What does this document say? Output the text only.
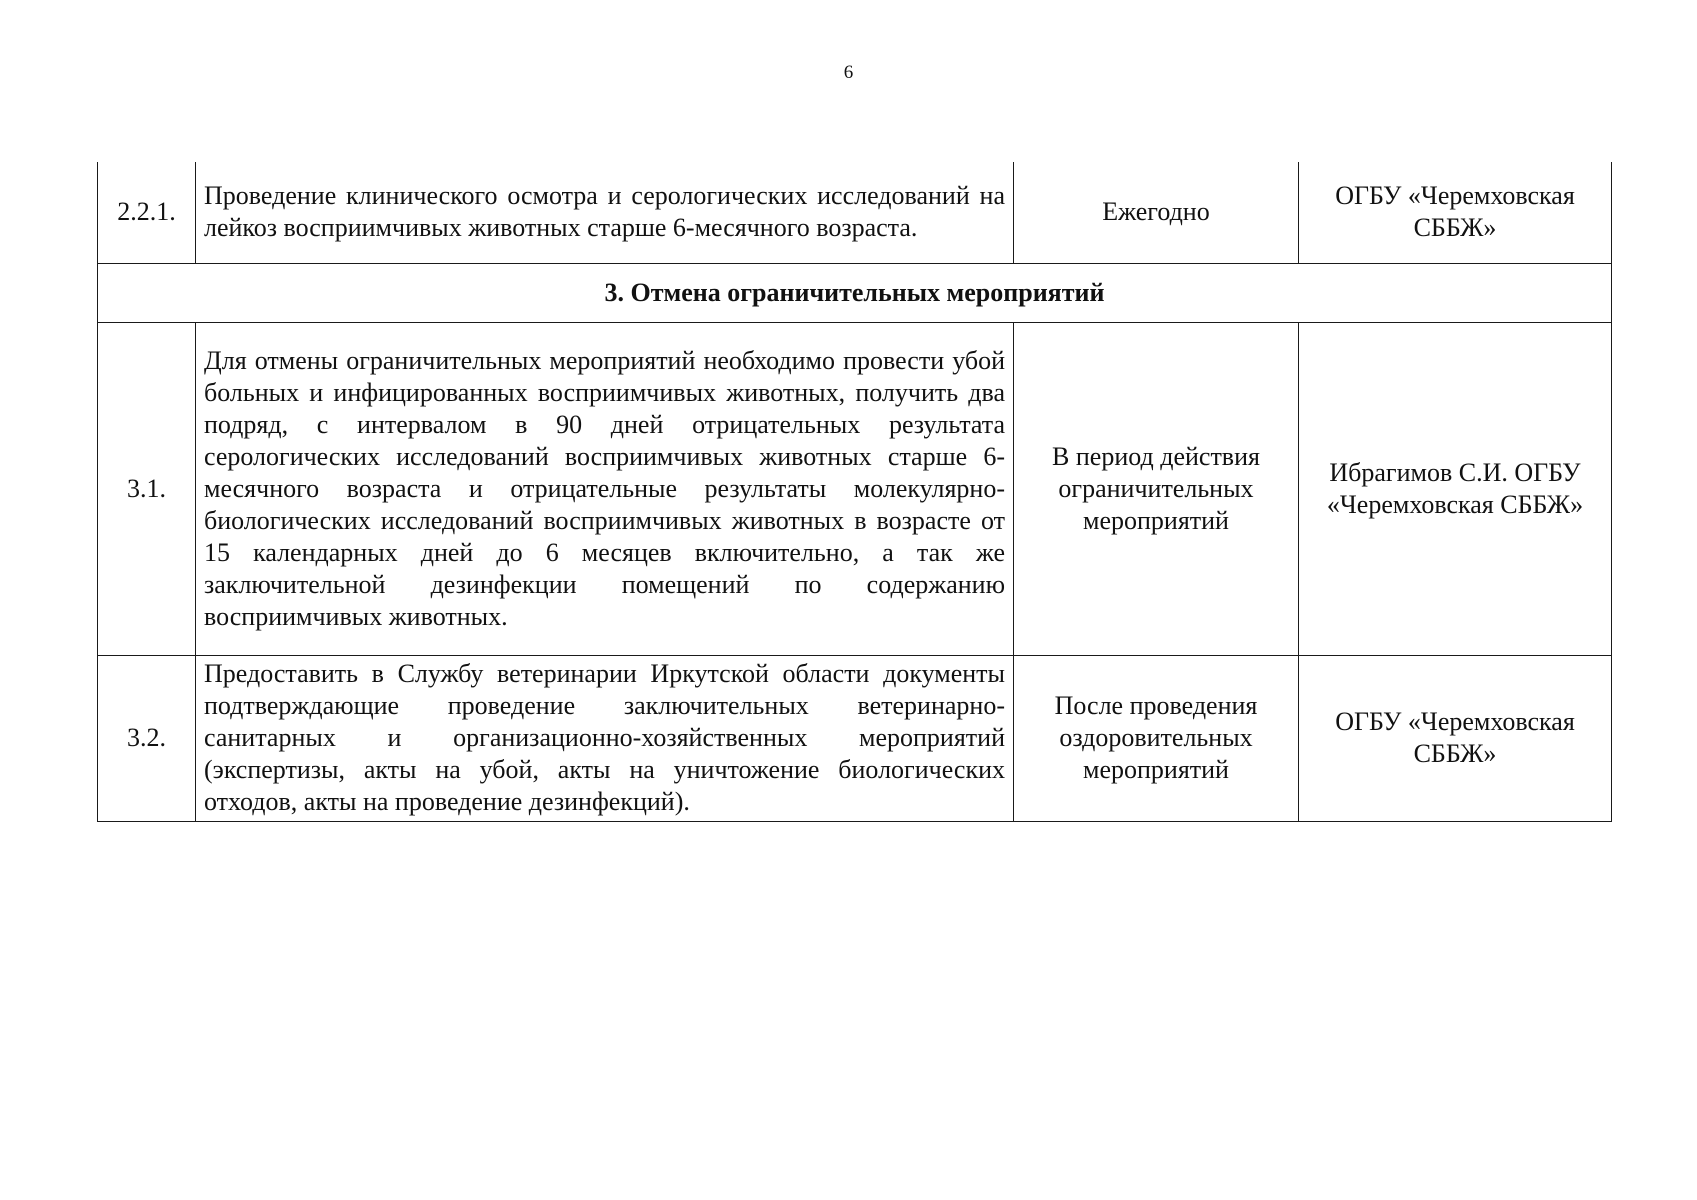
6
2.2.1.	Проведение клинического осмотра и серологических исследований на лейкоз восприимчивых животных старше 6-месячного возраста.	Ежегодно	ОГБУ «Черемховская СББЖ»
3. Отмена ограничительных мероприятий			
3.1.	Для отмены ограничительных мероприятий необходимо провести убой больных и инфицированных восприимчивых животных, получить два подряд, с интервалом в 90 дней отрицательных результата серологических исследований восприимчивых животных старше 6-месячного возраста и отрицательные результаты молекулярно-биологических исследований восприимчивых животных в возрасте от 15 календарных дней до 6 месяцев включительно, а так же заключительной дезинфекции помещений по содержанию восприимчивых животных.	В период действия ограничительных мероприятий	Ибрагимов С.И. ОГБУ «Черемховская СББЖ»
3.2.	Предоставить в Службу ветеринарии Иркутской области документы подтверждающие проведение заключительных ветеринарно-санитарных и организационно-хозяйственных мероприятий (экспертизы, акты на убой, акты на уничтожение биологических отходов, акты на проведение дезинфекций).	После проведения оздоровительных мероприятий	ОГБУ «Черемховская СББЖ»
